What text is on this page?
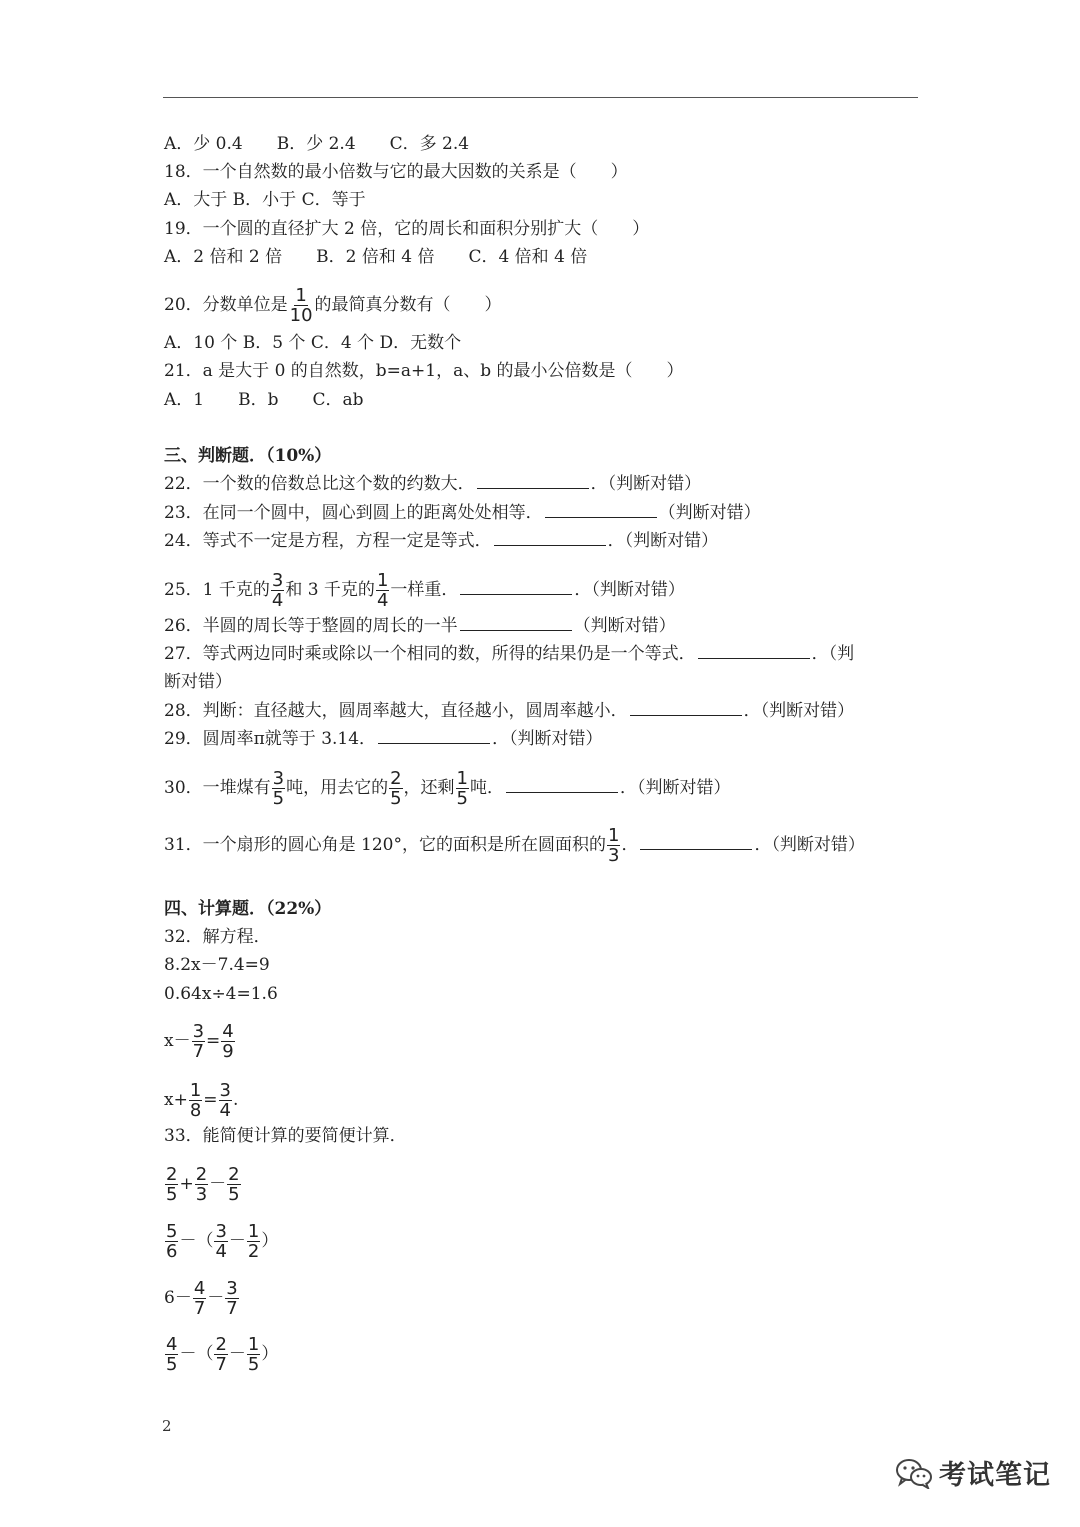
A．少 0.4　　B．少 2.4　　C．多 2.4
18．一个自然数的最小倍数与它的最大因数的关系是（　　）
A．大于 B．小于 C．等于
19．一个圆的直径扩大 2 倍，它的周长和面积分别扩大（　　）
A．2 倍和 2 倍　　B．2 倍和 4 倍　　C．4 倍和 4 倍
20．分数单位是 $\frac{1}{10}$ 的最简真分数有（　　）
A．10 个 B．5 个 C．4 个 D．无数个
21．a 是大于 0 的自然数，b=a+1，a、b 的最小公倍数是（　　）
A．1　　B．b　　C．ab
三、判断题．（10%）
22．一个数的倍数总比这个数的约数大．	．（判断对错）
23．在同一个圆中，圆心到圆上的距离处处相等．	（判断对错）
24．等式不一定是方程，方程一定是等式．	．（判断对错）
25．1 千克的 $\frac{3}{4}$ 和 3 千克的 $\frac{1}{4}$ 一样重．	．（判断对错）
26．半圆的周长等于整圆的周长的一半	（判断对错）
27．等式两边同时乘或除以一个相同的数，所得的结果仍是一个等式．	．（判
断对错）
28．判断：直径越大，圆周率越大，直径越小，圆周率越小．	．（判断对错）
29．圆周率π就等于 3.14．	．（判断对错）
30．一堆煤有 $\frac{3}{5}$ 吨，用去它的 $\frac{2}{5}$ ，还剩 $\frac{1}{5}$ 吨．	．（判断对错）
31．一个扇形的圆心角是 120°，它的面积是所在圆面积的 $\frac{1}{3}$ ．	．（判断对错）
四、计算题．（22%）
32．解方程．
8.2x－7.4=9
0.64x÷4=1.6
$x- \frac{3}{7} = \frac{4}{9}$
$x+ \frac{1}{8} = \frac{3}{4}$ .
33．能简便计算的要简便计算．
$\frac{2}{5} + \frac{2}{3} - \frac{2}{5}$
$\frac{5}{6}$ －（ $\frac{3}{4} - \frac{1}{2}$ ）
$6- \frac{4}{7} - \frac{3}{7}$
$\frac{4}{5}$ －（ $\frac{2}{7} - \frac{1}{5}$ ）
2
考试笔记
